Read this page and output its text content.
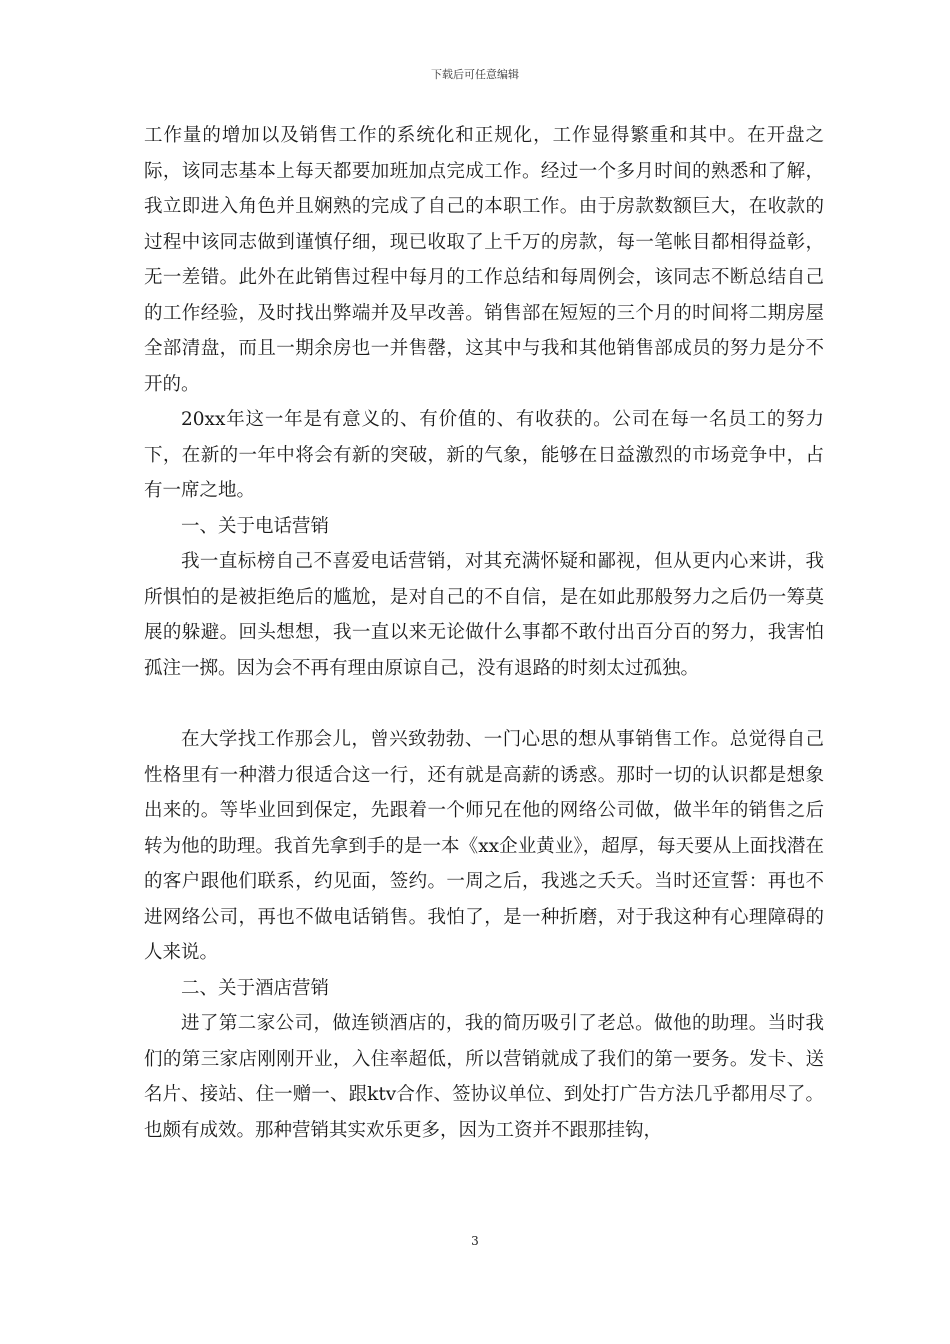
下载后可任意编辑

工作量的增加以及销售工作的系统化和正规化，工作显得繁重和其中。在开盘之际，该同志基本上每天都要加班加点完成工作。经过一个多月时间的熟悉和了解，我立即进入角色并且娴熟的完成了自己的本职工作。由于房款数额巨大，在收款的过程中该同志做到谨慎仔细，现已收取了上千万的房款，每一笔帐目都相得益彰，无一差错。此外在此销售过程中每月的工作总结和每周例会，该同志不断总结自己的工作经验，及时找出弊端并及早改善。销售部在短短的三个月的时间将二期房屋全部清盘，而且一期余房也一并售罄，这其中与我和其他销售部成员的努力是分不开的。

20xx年这一年是有意义的、有价值的、有收获的。公司在每一名员工的努力下，在新的一年中将会有新的突破，新的气象，能够在日益激烈的市场竞争中，占有一席之地。

一、关于电话营销

我一直标榜自己不喜爱电话营销，对其充满怀疑和鄙视，但从更内心来讲，我所惧怕的是被拒绝后的尴尬，是对自己的不自信，是在如此那般努力之后仍一筹莫展的躲避。回头想想，我一直以来无论做什么事都不敢付出百分百的努力，我害怕孤注一掷。因为会不再有理由原谅自己，没有退路的时刻太过孤独。

在大学找工作那会儿，曾兴致勃勃、一门心思的想从事销售工作。总觉得自己性格里有一种潜力很适合这一行，还有就是高薪的诱惑。那时一切的认识都是想象出来的。等毕业回到保定，先跟着一个师兄在他的网络公司做，做半年的销售之后转为他的助理。我首先拿到手的是一本《xx企业黄业》，超厚，每天要从上面找潜在的客户跟他们联系，约见面，签约。一周之后，我逃之夭夭。当时还宣誓：再也不进网络公司，再也不做电话销售。我怕了，是一种折磨，对于我这种有心理障碍的人来说。

二、关于酒店营销

进了第二家公司，做连锁酒店的，我的简历吸引了老总。做他的助理。当时我们的第三家店刚刚开业，入住率超低，所以营销就成了我们的第一要务。发卡、送名片、接站、住一赠一、跟ktv合作、签协议单位、到处打广告方法几乎都用尽了。也颇有成效。那种营销其实欢乐更多，因为工资并不跟那挂钩，

3
